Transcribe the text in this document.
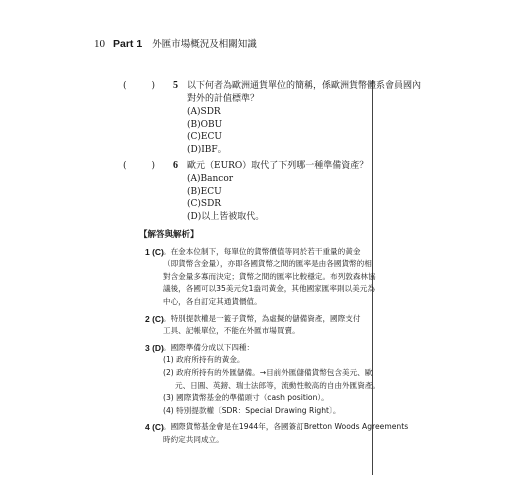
10 Part 1 外匯市場概況及相關知識
(	) 5 以下何者為歐洲通貨單位的簡稱，係歐洲貨幣體系會員國內
對外的計值標準？
(A)SDR
(B)OBU
(C)ECU
(D)IBF。
(	) 6 歐元（EURO）取代了下列哪一種準備資產？
(A)Bancor
(B)ECU
(C)SDR
(D)以上皆被取代。
【解答與解析】
1 (C) 。在金本位制下，每單位的貨幣價值等同於若干重量的黃金
（即貨幣含金量），亦即各國貨幣之間的匯率是由各國貨幣的相
對含金量多寡而決定；貨幣之間的匯率比較穩定。布列敦森林協
議後，各國可以35美元兌1盎司黃金，其他國家匯率則以美元為
中心，各自訂定其通貨價值。
2 (C) 。特別提款權是一籃子貨幣，為虛擬的儲備資產，國際支付
工具、記帳單位，不能在外匯市場買賣。
3 (D) 。國際準備分成以下四種：
(1) 政府所持有的黃金。
(2) 政府所持有的外匯儲備。→目前外匯儲備貨幣包含美元、歐
元、日圓、英鎊、瑞士法郎等，流動性較高的自由外匯資產。
(3) 國際貨幣基金的準備頭寸（cash position）。
(4) 特別提款權〔SDR：Special Drawing Right〕。
4 (C) 。國際貨幣基金會是在1944年，各國簽訂Bretton Woods Agreements
時約定共同成立。
